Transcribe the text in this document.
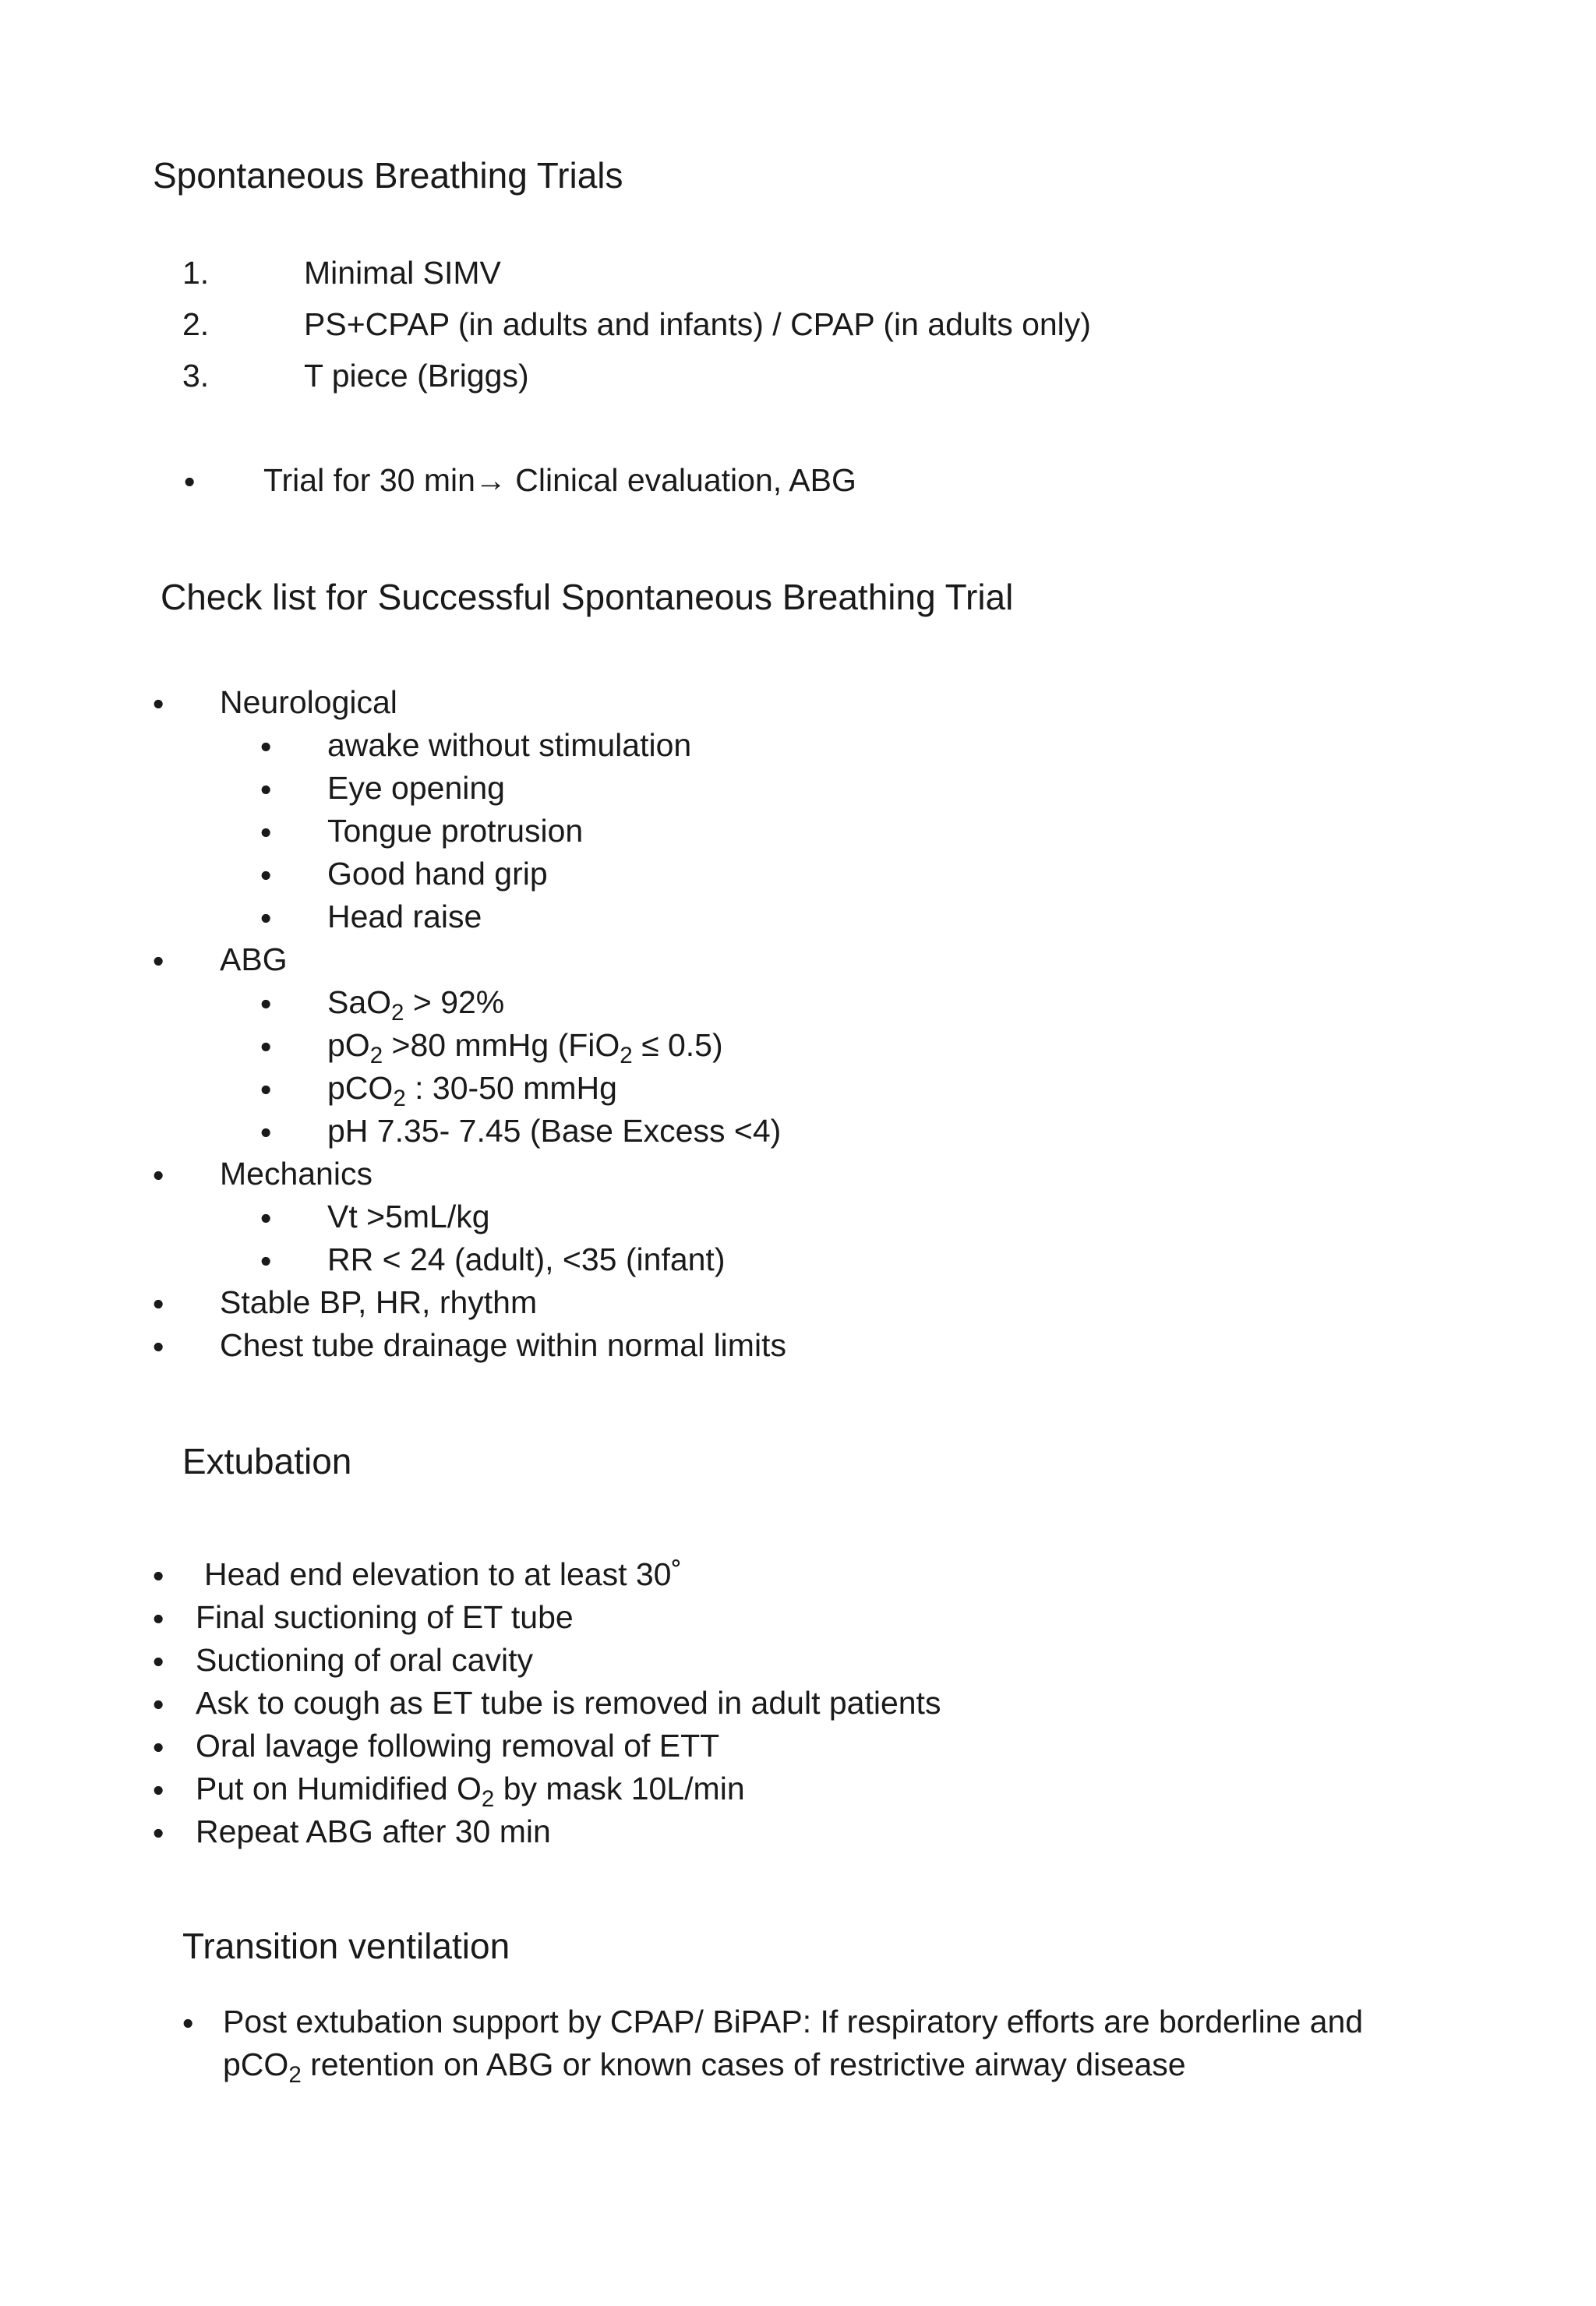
Spontaneous Breathing Trials
1.	Minimal SIMV
2.	PS+CPAP (in adults and infants) / CPAP (in adults only)
3.	T piece (Briggs)
• Trial for 30 min→ Clinical evaluation, ABG
Check list for Successful Spontaneous Breathing Trial
• Neurological
• awake without stimulation
• Eye opening
• Tongue protrusion
• Good hand grip
• Head raise
• ABG
• SaO$_2$ > 92%
• $pO_2 >80$ mmHg (FiO$_2$ ≤ 0.5)
• pCO$_2$ : 30-50 mmHg
• pH 7.35- 7.45 (Base Excess <4)
• Mechanics
• Vt >5mL/kg
• RR < 24 (adult), <35 (infant)
• Stable BP, HR, rhythm
• Chest tube drainage within normal limits
Extubation
• Head end elevation to at least 30˚
• Final suctioning of ET tube
• Suctioning of oral cavity
• Ask to cough as ET tube is removed in adult patients
• Oral lavage following removal of ETT
• Put on Humidified $O_2$ by mask 10L/min
• Repeat ABG after 30 min
Transition ventilation
• Post extubation support by CPAP/ BiPAP: If respiratory efforts are borderline and
pCO$_2$ retention on ABG or known cases of restrictive airway disease
